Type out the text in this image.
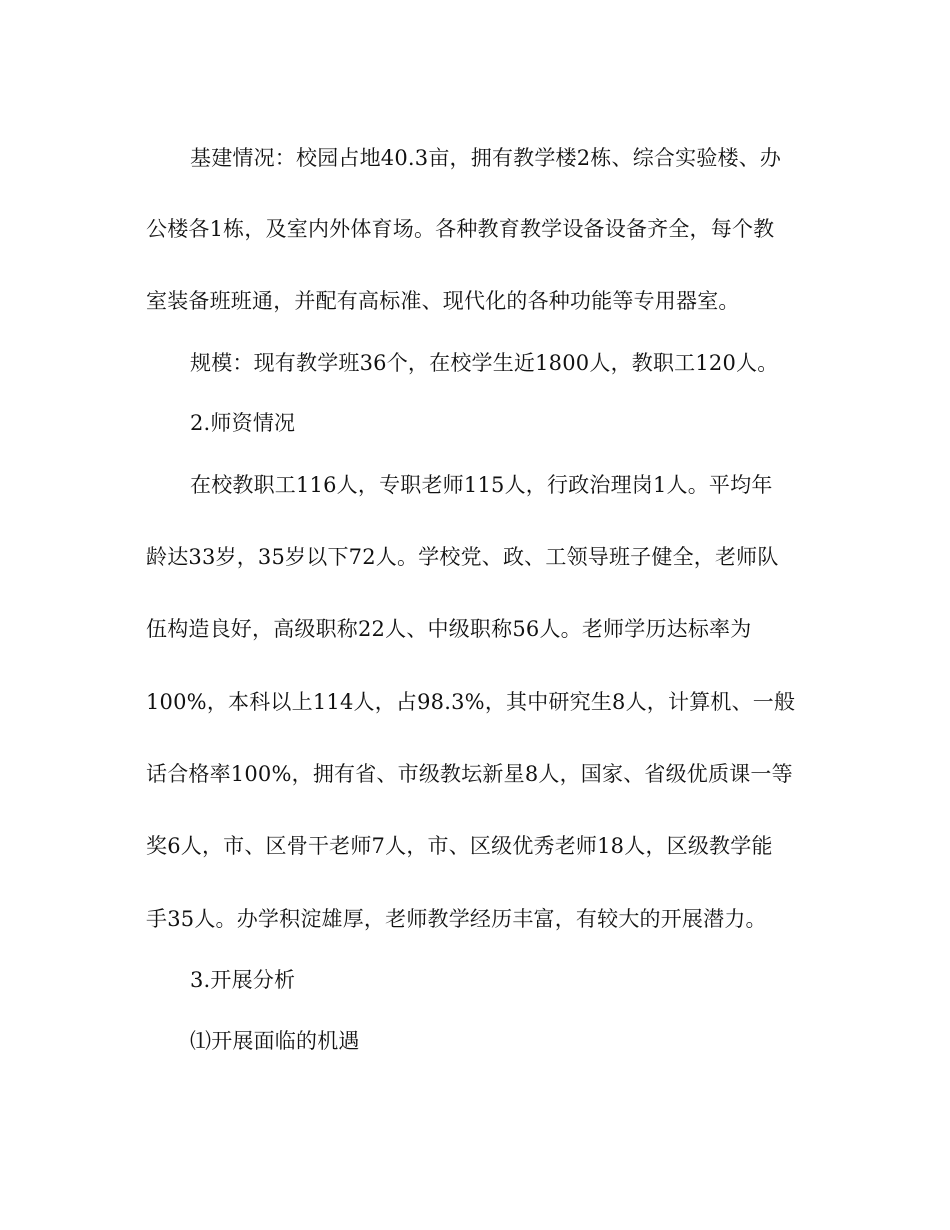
基建情况：校园占地40.3亩，拥有教学楼2栋、综合实验楼、办
公楼各1栋，及室内外体育场。各种教育教学设备设备齐全，每个教
室装备班班通，并配有高标准、现代化的各种功能等专用器室。
规模：现有教学班36个，在校学生近1800人，教职工120人。
2.师资情况
在校教职工116人，专职老师115人，行政治理岗1人。平均年
龄达33岁，35岁以下72人。学校党、政、工领导班子健全，老师队
伍构造良好，高级职称22人、中级职称56人。老师学历达标率为
100%，本科以上114人，占98.3%，其中研究生8人，计算机、一般
话合格率100%，拥有省、市级教坛新星8人，国家、省级优质课一等
奖6人，市、区骨干老师7人，市、区级优秀老师18人，区级教学能
手35人。办学积淀雄厚，老师教学经历丰富，有较大的开展潜力。
3.开展分析
⑴开展面临的机遇
